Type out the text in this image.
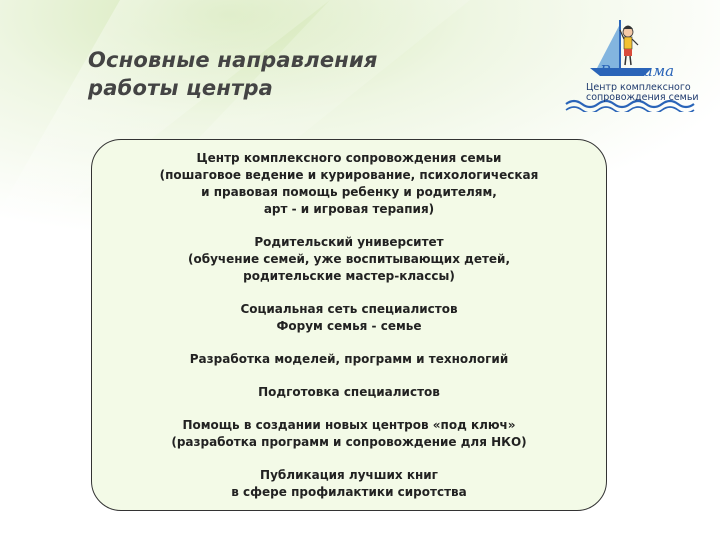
Основные направления
работы центра
Pro-мама
Центр комплексного
сопровождения семьи

Центр комплексного сопровождения семьи
(пошаговое ведение и курирование, психологическая
и правовая помощь ребенку и родителям,
арт - и игровая терапия)

Родительский университет
(обучение семей, уже воспитывающих детей,
родительские мастер-классы)

Социальная сеть специалистов
Форум семья - семье

Разработка моделей, программ и технологий

Подготовка специалистов

Помощь в создании новых центров «под ключ»
(разработка программ и сопровождение для НКО)

Публикация лучших книг
в сфере профилактики сиротства
